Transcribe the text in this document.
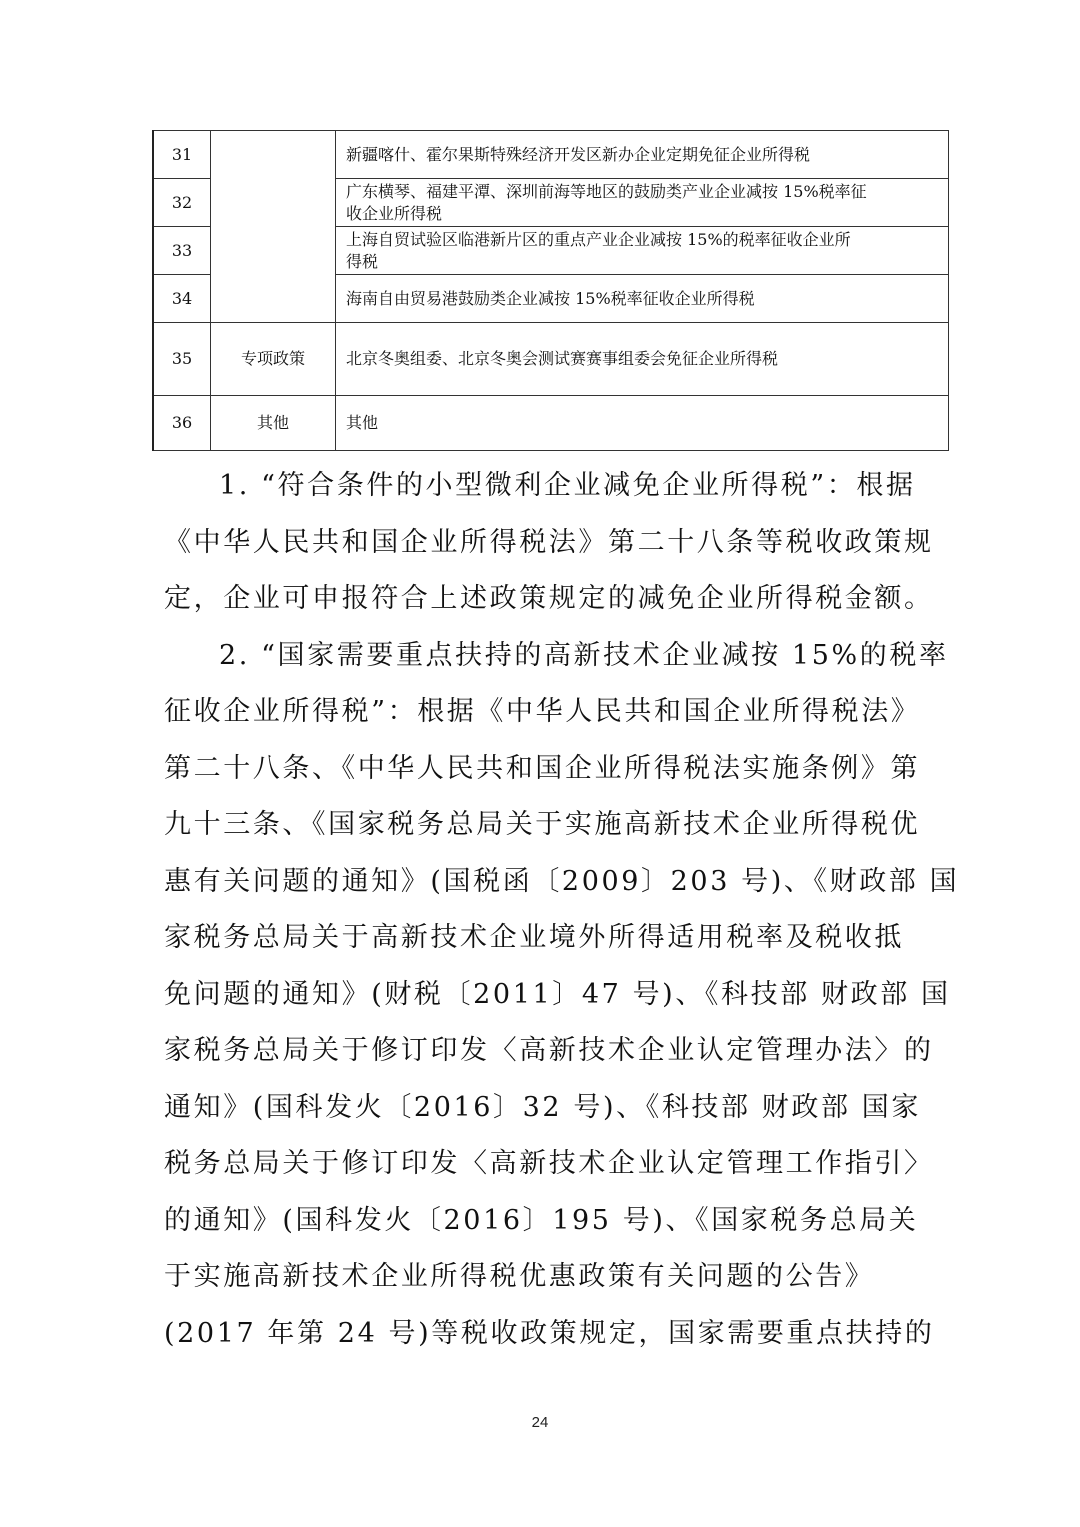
31		新疆喀什、霍尔果斯特殊经济开发区新办企业定期免征企业所得税
32		广东横琴、福建平潭、深圳前海等地区的鼓励类产业企业减按 15%税率征
收企业所得税

33		上海自贸试验区临港新片区的重点产业企业减按 15%的税率征收企业所
得税

34		海南自由贸易港鼓励类企业减按 15%税率征收企业所得税
35	专项政策	北京冬奥组委、北京冬奥会测试赛赛事组委会免征企业所得税
36	其他	其他
1. “符合条件的小型微利企业减免企业所得税”：根据
《中华人民共和国企业所得税法》第二十八条等税收政策规
定，企业可申报符合上述政策规定的减免企业所得税金额。
2. “国家需要重点扶持的高新技术企业减按 15%的税率
征收企业所得税”：根据《中华人民共和国企业所得税法》
第二十八条、《中华人民共和国企业所得税法实施条例》第
九十三条、《国家税务总局关于实施高新技术企业所得税优
惠有关问题的通知》(国税函〔2009〕203 号)、《财政部 国
家税务总局关于高新技术企业境外所得适用税率及税收抵
免问题的通知》(财税〔2011〕47 号)、《科技部 财政部 国
家税务总局关于修订印发〈高新技术企业认定管理办法〉的
通知》(国科发火〔2016〕32 号)、《科技部 财政部 国家
税务总局关于修订印发〈高新技术企业认定管理工作指引〉
的通知》(国科发火〔2016〕195 号)、《国家税务总局关
于实施高新技术企业所得税优惠政策有关问题的公告》
(2017 年第 24 号)等税收政策规定，国家需要重点扶持的
24
